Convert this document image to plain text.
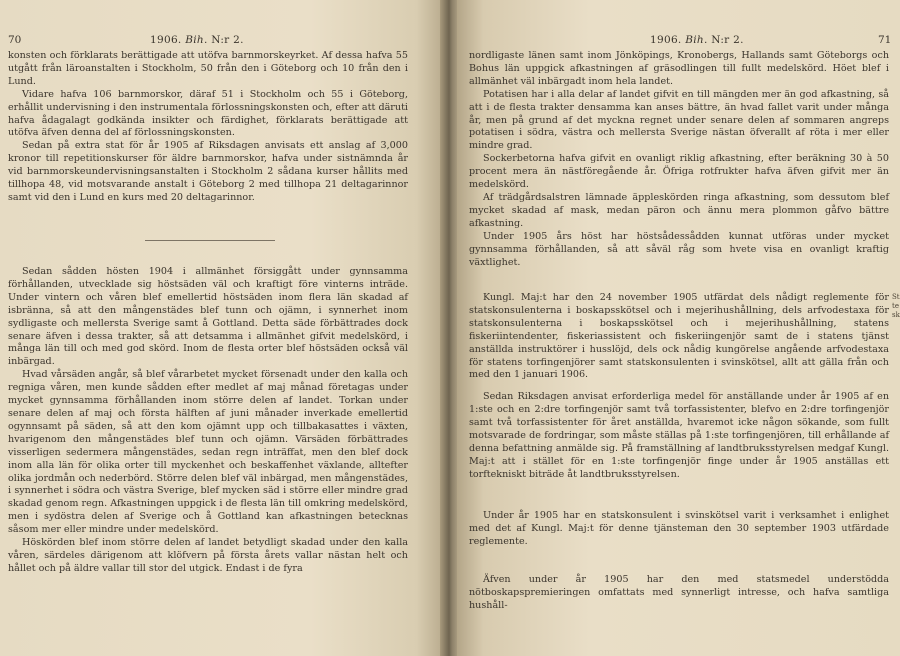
70	1906. Bih. N:r 2.

konsten och förklarats berättigade att utöfva barnmorskeyrket. Af dessa hafva 55 utgått från läroanstalten i Stockholm, 50 från den i Göteborg och 10 från den i Lund.

Vidare hafva 106 barnmorskor, däraf 51 i Stockholm och 55 i Göteborg, erhållit undervisning i den instrumentala förlossningskonsten och, efter att däruti hafva ådagalagt godkända insikter och färdighet, förklarats berättigade att utöfva äfven denna del af förlossningskonsten.

Sedan på extra stat för år 1905 af Riksdagen anvisats ett anslag af 3,000 kronor till repetitionskurser för äldre barnmorskor, hafva under sistnämnda år vid barnmorskeundervisningsanstalten i Stockholm 2 sådana kurser hållits med tillhopa 48, vid motsvarande anstalt i Göteborg 2 med tillhopa 21 deltagarinnor samt vid den i Lund en kurs med 20 deltagarinnor.

Sedan sådden hösten 1904 i allmänhet försiggått under gynnsamma förhållanden, utvecklade sig höstsäden väl och kraftigt före vinterns inträde. Under vintern och våren blef emellertid höstsäden inom flera län skadad af isbränna, så att den mångenstädes blef tunn och ojämn, i synnerhet inom sydligaste och mellersta Sverige samt å Gottland. Detta säde förbättrades dock senare äfven i dessa trakter, så att detsamma i allmänhet gifvit medelskörd, i många län till och med god skörd. Inom de flesta orter blef höstsäden också väl inbärgad.

Hvad vårsäden angår, så blef vårarbetet mycket försenadt under den kalla och regniga våren, men kunde sådden efter medlet af maj månad företagas under mycket gynnsamma förhållanden inom större delen af landet. Torkan under senare delen af maj och första hälften af juni månader inverkade emellertid ogynnsamt på säden, så att den kom ojämnt upp och tillbakasattes i växten, hvarigenom den mångenstädes blef tunn och ojämn. Värsäden förbättrades visserligen sedermera mångenstädes, sedan regn inträffat, men den blef dock inom alla län för olika orter till myckenhet och beskaffenhet växlande, alltefter olika jordmån och nederbörd. Större delen blef väl inbärgad, men mångenstädes, i synnerhet i södra och västra Sverige, blef mycken säd i större eller mindre grad skadad genom regn. Afkastningen uppgick i de flesta län till omkring medelskörd, men i sydöstra delen af Sverige och å Gottland kan afkastningen betecknas såsom mer eller mindre under medelskörd.

Höskörden blef inom större delen af landet betydligt skadad under den kalla våren, särdeles därigenom att klöfvern på första årets vallar nästan helt och hållet och på äldre vallar till stor del utgick. Endast i de fyra

1906. Bih. N:r 2.	71

nordligaste länen samt inom Jönköpings, Kronobergs, Hallands samt Göteborgs och Bohus län uppgick afkastningen af gräsodlingen till fullt medelskörd. Höet blef i allmänhet väl inbärgadt inom hela landet.

Potatisen har i alla delar af landet gifvit en till mängden mer än god afkastning, så att i de flesta trakter densamma kan anses bättre, än hvad fallet varit under många år, men på grund af det myckna regnet under senare delen af sommaren angreps potatisen i södra, västra och mellersta Sverige nästan öfverallt af röta i mer eller mindre grad.

Sockerbetorna hafva gifvit en ovanligt riklig afkastning, efter beräkning 30 à 50 procent mera än nästföregående år. Öfriga rotfrukter hafva äfven gifvit mer än medelskörd.

Af trädgårdsalstren lämnade äppleskörden ringa afkastning, som dessutom blef mycket skadad af mask, medan päron och ännu mera plommon gåfvo bättre afkastning.

Under 1905 års höst har höstsådessådden kunnat utföras under mycket gynnsamma förhållanden, så att såväl råg som hvete visa en ovanligt kraftig växtlighet.

Kungl. Maj:t har den 24 november 1905 utfärdat dels nådigt reglemente för statskonsulenterna i boskapsskötsel och i mejerihushållning, dels arfvodestaxa för statskonsulenterna i boskapsskötsel och i mejerihushållning, statens fiskeriintendenter, fiskeriassistent och fiskeriingenjör samt de i statens tjänst anställda instruktörer i husslöjd, dels ock nådig kungörelse angående arfvodestaxa för statens torfingenjörer samt statskonsulenten i svinskötsel, allt att gälla från och med den 1 januari 1906.

Sedan Riksdagen anvisat erforderliga medel för anställande under år 1905 af en 1:ste och en 2:dre torfingenjör samt två torfassistenter, blefvo en 2:dre torfingenjör samt två torfassistenter för året anställda, hvaremot icke någon sökande, som fullt motsvarade de fordringar, som måste ställas på 1:ste torfingenjören, till erhållande af denna befattning anmälde sig. På framställning af landtbruksstyrelsen medgaf Kungl. Maj:t att i stället för en 1:ste torfingenjör finge under år 1905 anställas ett torftekniskt biträde åt landtbruksstyrelsen.

Under år 1905 har en statskonsulent i svinskötsel varit i verksamhet i enlighet med det af Kungl. Maj:t för denne tjänsteman den 30 september 1903 utfärdade reglemente.

Äfven under år 1905 har den med statsmedel understödda nötboskapspremieringen omfattats med synnerligt intresse, och hafva samtliga hushåll-

St
te
sk
